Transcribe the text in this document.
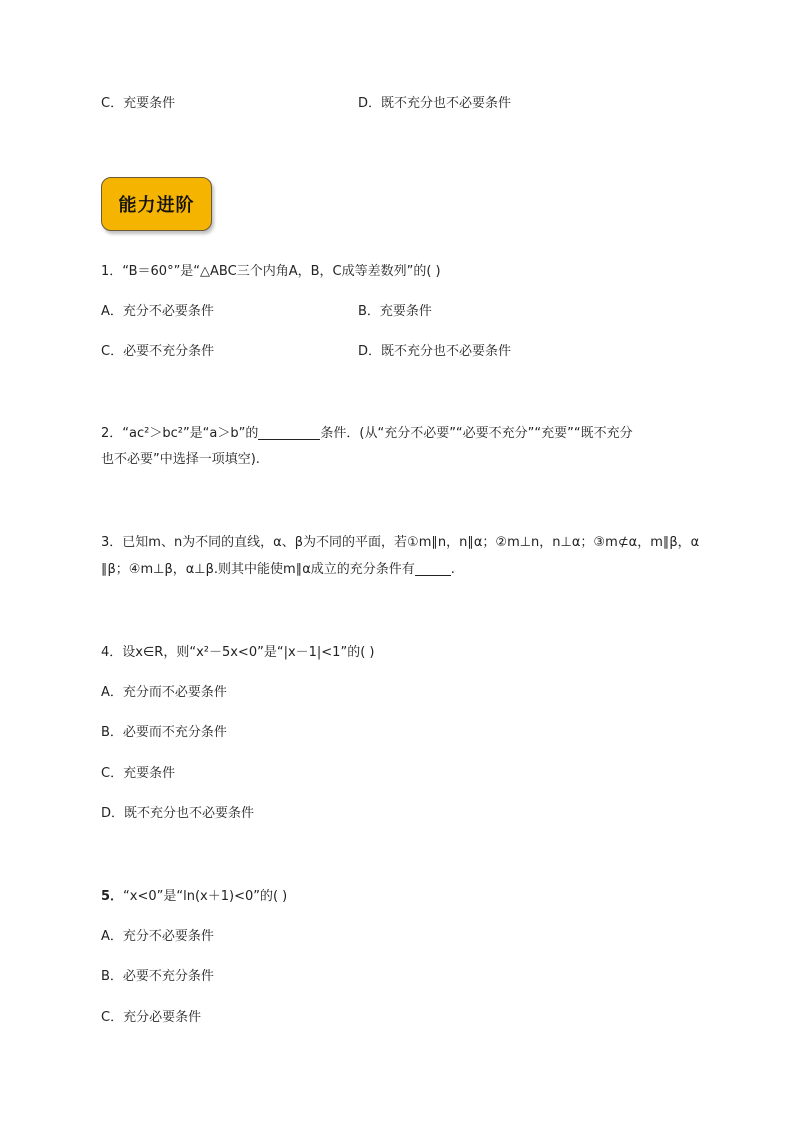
C．充要条件	D．既不充分也不必要条件
能力进阶
1．“B＝60°”是“△ABC三个内角A，B，C成等差数列”的( )
A．充分不必要条件	B．充要条件
C．必要不充分条件	D．既不充分也不必要条件
2．“ac²＞bc²”是“a＞b”的	条件．(从“充分不必要”“必要不充分”“充要”“既不充分
也不必要”中选择一项填空).
3．已知m、n为不同的直线，α、β为不同的平面，若①m∥n，n∥α；②m⊥n，n⊥α；③m⊄α，m∥β，α
∥β；④m⊥β，α⊥β.则其中能使m∥α成立的充分条件有	.
4．设x∈R，则“x²－5x<0”是“|x－1|<1”的( )
A．充分而不必要条件
B．必要而不充分条件
C．充要条件
D．既不充分也不必要条件
5．“x<0”是“ln(x＋1)<0”的( )
A．充分不必要条件
B．必要不充分条件
C．充分必要条件
